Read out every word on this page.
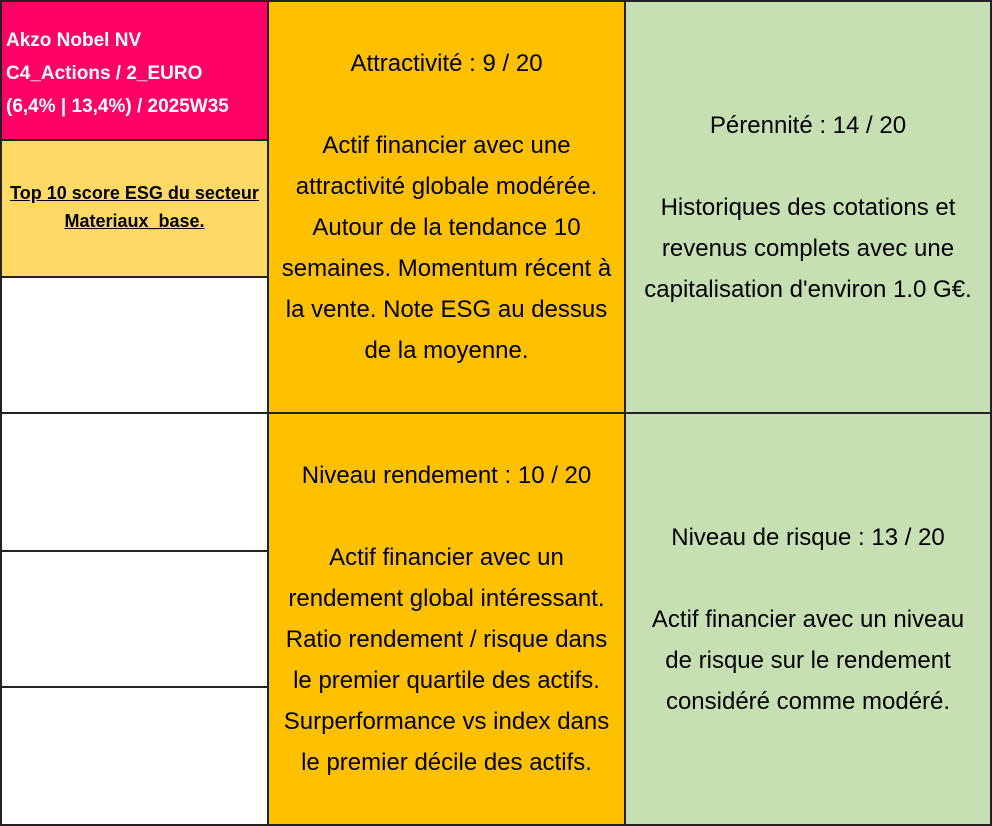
Akzo Nobel NV
C4_Actions / 2_EURO
(6,4% | 13,4%) / 2025W35
Top 10 score ESG du secteur Materiaux_base.
Attractivité : 9 / 20
Actif financier avec une attractivité globale modérée. Autour de la tendance 10 semaines. Momentum récent à la vente. Note ESG au dessus de la moyenne.
Pérennité : 14 / 20
Historiques des cotations et revenus complets avec une capitalisation d'environ 1.0 G€.
Niveau rendement : 10 / 20
Actif financier avec un rendement global intéressant. Ratio rendement / risque dans le premier quartile des actifs. Surperformance vs index dans le premier décile des actifs.
Niveau de risque : 13 / 20
Actif financier avec un niveau de risque sur le rendement considéré comme modéré.
